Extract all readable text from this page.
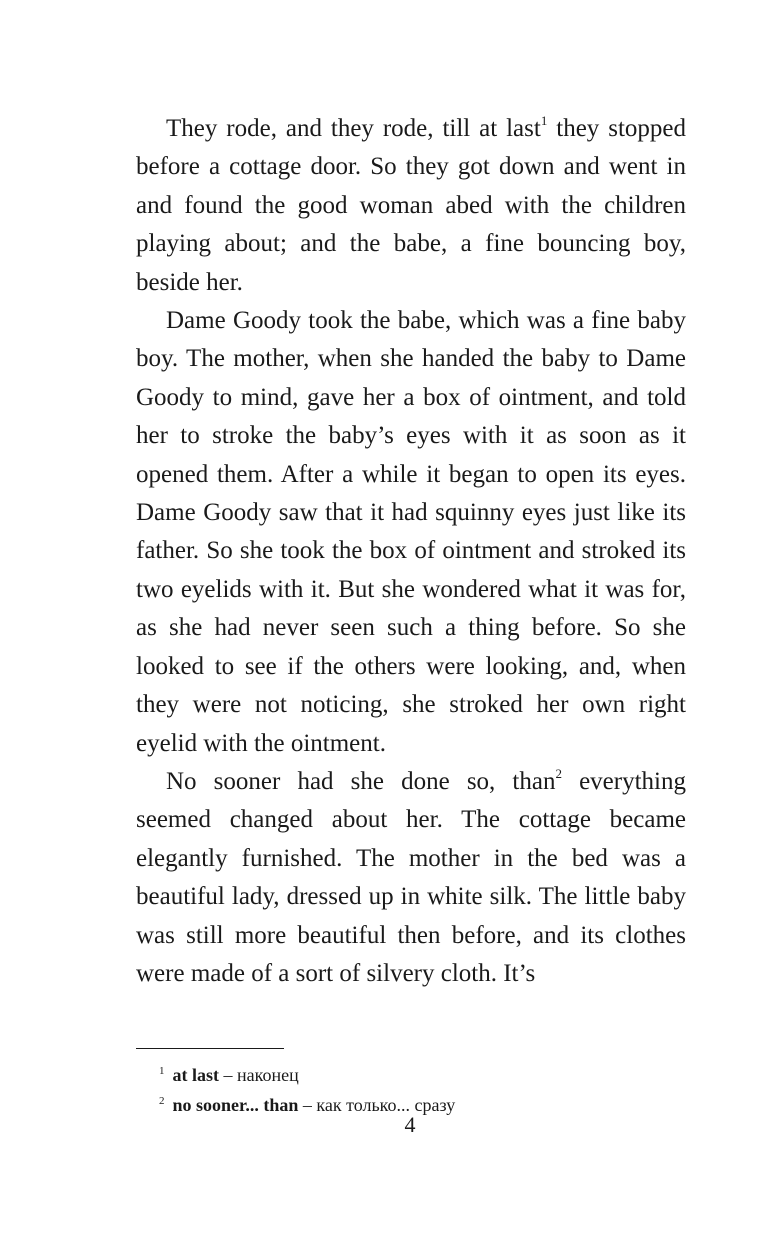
They rode, and they rode, till at last$^1$ they stopped before a cottage door. So they got down and went in and found the good woman abed with the children playing about; and the babe, a fine bouncing boy, beside her.

Dame Goody took the babe, which was a fine baby boy. The mother, when she handed the baby to Dame Goody to mind, gave her a box of ointment, and told her to stroke the baby’s eyes with it as soon as it opened them. After a while it began to open its eyes. Dame Goody saw that it had squinny eyes just like its father. So she took the box of ointment and stroked its two eyelids with it. But she wondered what it was for, as she had never seen such a thing before. So she looked to see if the others were looking, and, when they were not noticing, she stroked her own right eyelid with the ointment.

No sooner had she done so, than$^2$ everything seemed changed about her. The cottage became elegantly furnished. The mother in the bed was a beautiful lady, dressed up in white silk. The little baby was still more beautiful then before, and its clothes were made of a sort of silvery cloth. It’s

$^1$ at last – наконец
$^2$ no sooner... than – как только... сразу
4
